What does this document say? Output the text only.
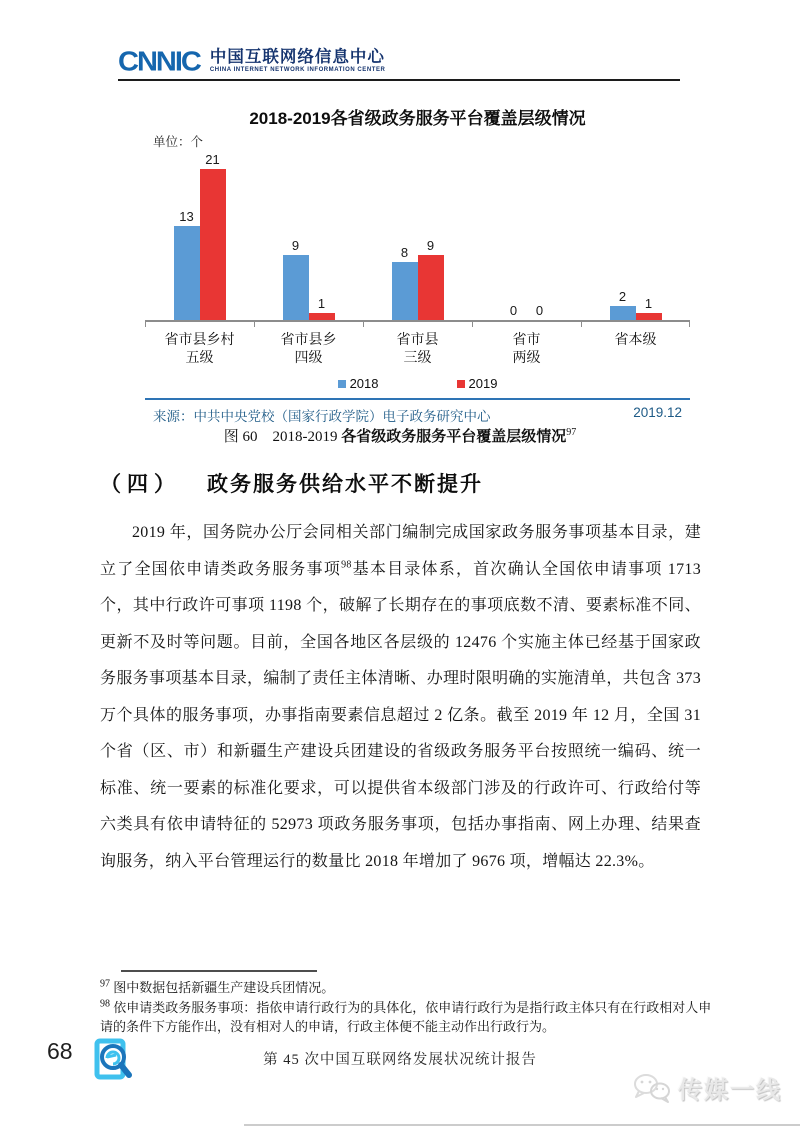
CNNIC 中国互联网络信息中心
CHINA INTERNET NETWORK INFORMATION CENTER
2018-2019各省级政务服务平台覆盖层级情况
单位：个
13
21
9
1
8 9
0 0
2 1
省市县乡村
五级
省市县乡
四级
省市县
三级
省市
两级
省本级
2018	2019
来源：中共中央党校（国家行政学院）电子政务研究中心	2019.12
图 60　2018-2019 各省级政务服务平台覆盖层级情况$^{97}$
（四） 政务服务供给水平不断提升
2019 年，国务院办公厅会同相关部门编制完成国家政务服务事项基本目录，建立了全国依申请类政务服务事项$^{98}$基本目录体系，首次确认全国依申请事项 1713 个，其中行政许可事项 1198 个，破解了长期存在的事项底数不清、要素标准不同、更新不及时等问题。目前，全国各地区各层级的 12476 个实施主体已经基于国家政务服务事项基本目录，编制了责任主体清晰、办理时限明确的实施清单，共包含 373 万个具体的服务事项，办事指南要素信息超过 2 亿条。截至 2019 年 12 月，全国 31 个省（区、市）和新疆生产建设兵团建设的省级政务服务平台按照统一编码、统一标准、统一要素的标准化要求，可以提供省本级部门涉及的行政许可、行政给付等六类具有依申请特征的 52973 项政务服务事项，包括办事指南、网上办理、结果查询服务，纳入平台管理运行的数量比 2018 年增加了 9676 项，增幅达 22.3%。

$^{97}$ 图中数据包括新疆生产建设兵团情况。

$^{98}$ 依申请类政务服务事项：指依申请行政行为的具体化，依申请行政行为是指行政主体只有在行政相对人申请的条件下方能作出，没有相对人的申请，行政主体便不能主动作出行政行为。

68	第 45 次中国互联网络发展状况统计报告
传媒一线
